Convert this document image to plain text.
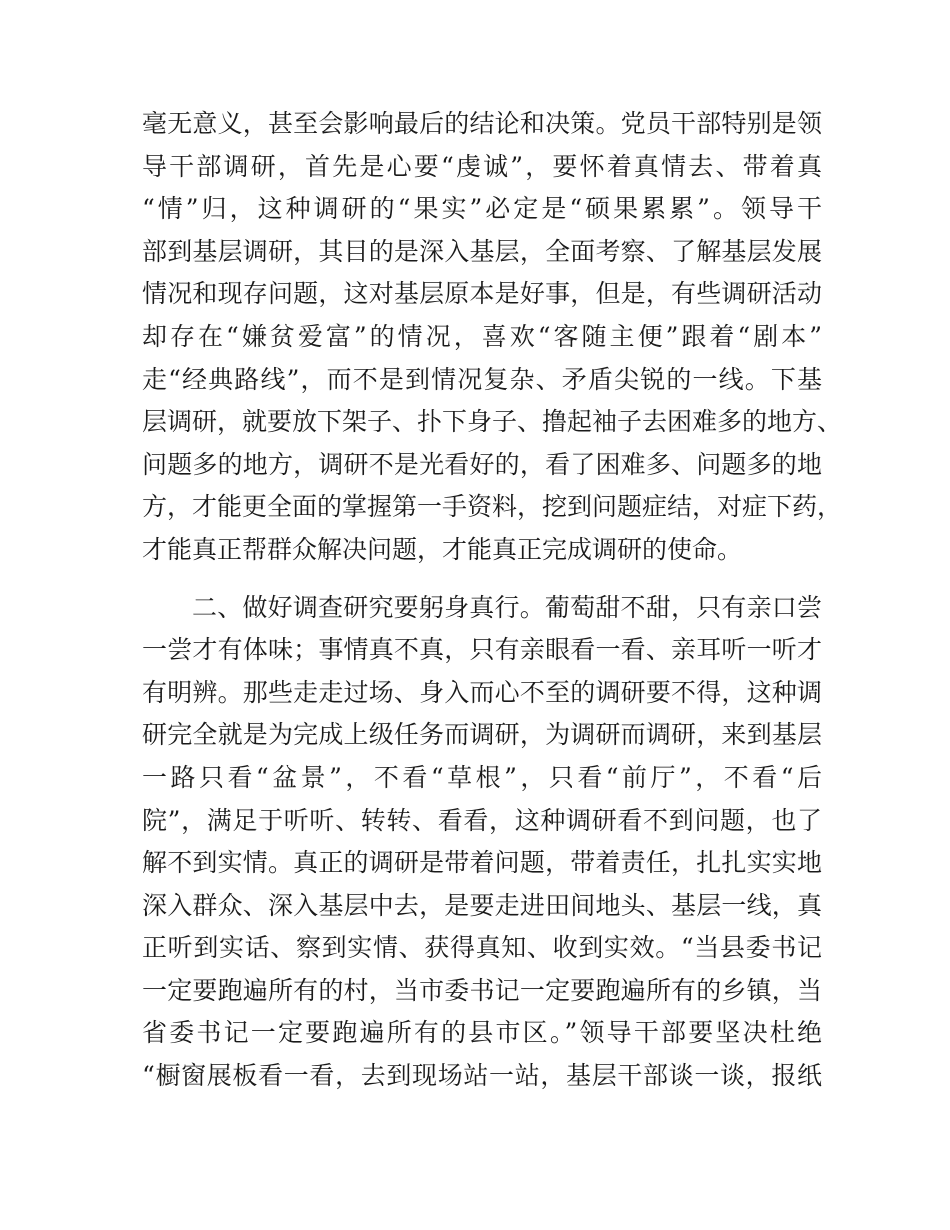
毫无意义，甚至会影响最后的结论和决策。党员干部特别是领
导干部调研，首先是心要“虔诚”，要怀着真情去、带着真
“情”归，这种调研的“果实”必定是“硕果累累”。领导干
部到基层调研，其目的是深入基层，全面考察、了解基层发展
情况和现存问题，这对基层原本是好事，但是，有些调研活动
却存在“嫌贫爱富”的情况，喜欢“客随主便”跟着“剧本”
走“经典路线”，而不是到情况复杂、矛盾尖锐的一线。下基
层调研，就要放下架子、扑下身子、撸起袖子去困难多的地方、
问题多的地方，调研不是光看好的，看了困难多、问题多的地
方，才能更全面的掌握第一手资料，挖到问题症结，对症下药，
才能真正帮群众解决问题，才能真正完成调研的使命。
二、做好调查研究要躬身真行。葡萄甜不甜，只有亲口尝
一尝才有体味；事情真不真，只有亲眼看一看、亲耳听一听才
有明辨。那些走走过场、身入而心不至的调研要不得，这种调
研完全就是为完成上级任务而调研，为调研而调研，来到基层
一路只看“盆景”，不看“草根”，只看“前厅”，不看“后
院”，满足于听听、转转、看看，这种调研看不到问题，也了
解不到实情。真正的调研是带着问题，带着责任，扎扎实实地
深入群众、深入基层中去，是要走进田间地头、基层一线，真
正听到实话、察到实情、获得真知、收到实效。“当县委书记
一定要跑遍所有的村，当市委书记一定要跑遍所有的乡镇，当
省委书记一定要跑遍所有的县市区。”领导干部要坚决杜绝
“橱窗展板看一看，去到现场站一站，基层干部谈一谈，报纸
